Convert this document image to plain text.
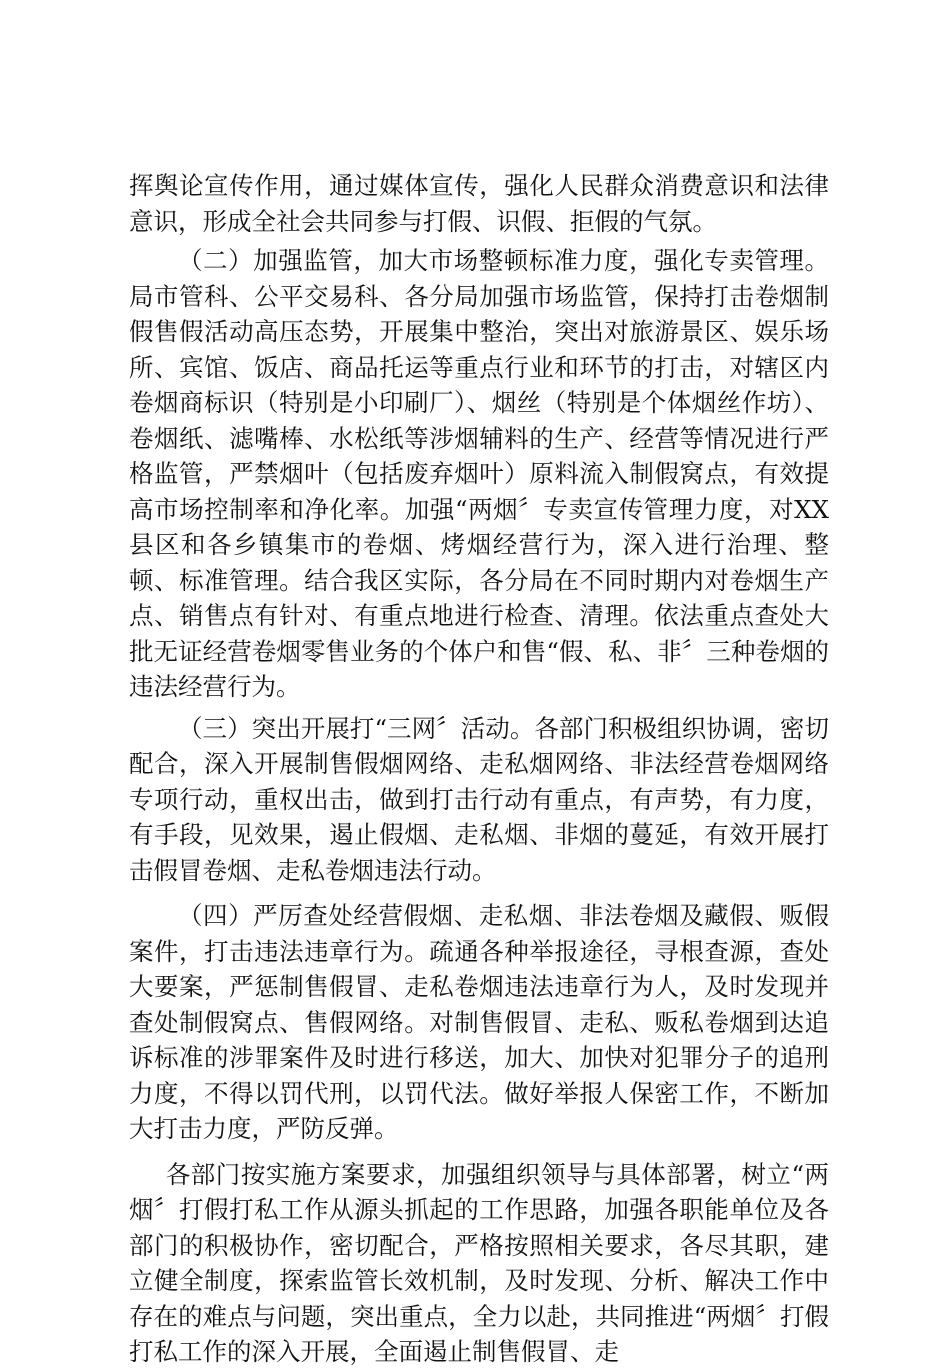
挥舆论宣传作用，通过媒体宣传，强化人民群众消费意识和法律意识，形成全社会共同参与打假、识假、拒假的气氛。

（二）加强监管，加大市场整顿标准力度，强化专卖管理。局市管科、公平交易科、各分局加强市场监管，保持打击卷烟制假售假活动高压态势，开展集中整治，突出对旅游景区、娱乐场所、宾馆、饭店、商品托运等重点行业和环节的打击，对辖区内卷烟商标识（特别是小印刷厂）、烟丝（特别是个体烟丝作坊）、卷烟纸、滤嘴棒、水松纸等涉烟辅料的生产、经营等情况进行严格监管，严禁烟叶（包括废弃烟叶）原料流入制假窝点，有效提高市场控制率和净化率。加强“两烟〞专卖宣传管理力度，对XX县区和各乡镇集市的卷烟、烤烟经营行为，深入进行治理、整顿、标准管理。结合我区实际，各分局在不同时期内对卷烟生产点、销售点有针对、有重点地进行检查、清理。依法重点查处大批无证经营卷烟零售业务的个体户和售“假、私、非〞三种卷烟的违法经营行为。

（三）突出开展打“三网〞活动。各部门积极组织协调，密切配合，深入开展制售假烟网络、走私烟网络、非法经营卷烟网络专项行动，重权出击，做到打击行动有重点，有声势，有力度，有手段，见效果，遏止假烟、走私烟、非烟的蔓延，有效开展打击假冒卷烟、走私卷烟违法行动。

（四）严厉查处经营假烟、走私烟、非法卷烟及藏假、贩假案件，打击违法违章行为。疏通各种举报途径，寻根查源，查处大要案，严惩制售假冒、走私卷烟违法违章行为人，及时发现并查处制假窝点、售假网络。对制售假冒、走私、贩私卷烟到达追诉标准的涉罪案件及时进行移送，加大、加快对犯罪分子的追刑力度，不得以罚代刑，以罚代法。做好举报人保密工作，不断加大打击力度，严防反弹。

各部门按实施方案要求，加强组织领导与具体部署，树立“两烟〞打假打私工作从源头抓起的工作思路，加强各职能单位及各部门的积极协作，密切配合，严格按照相关要求，各尽其职，建立健全制度，探索监管长效机制，及时发现、分析、解决工作中存在的难点与问题，突出重点，全力以赴，共同推进“两烟〞打假打私工作的深入开展，全面遏止制售假冒、走
